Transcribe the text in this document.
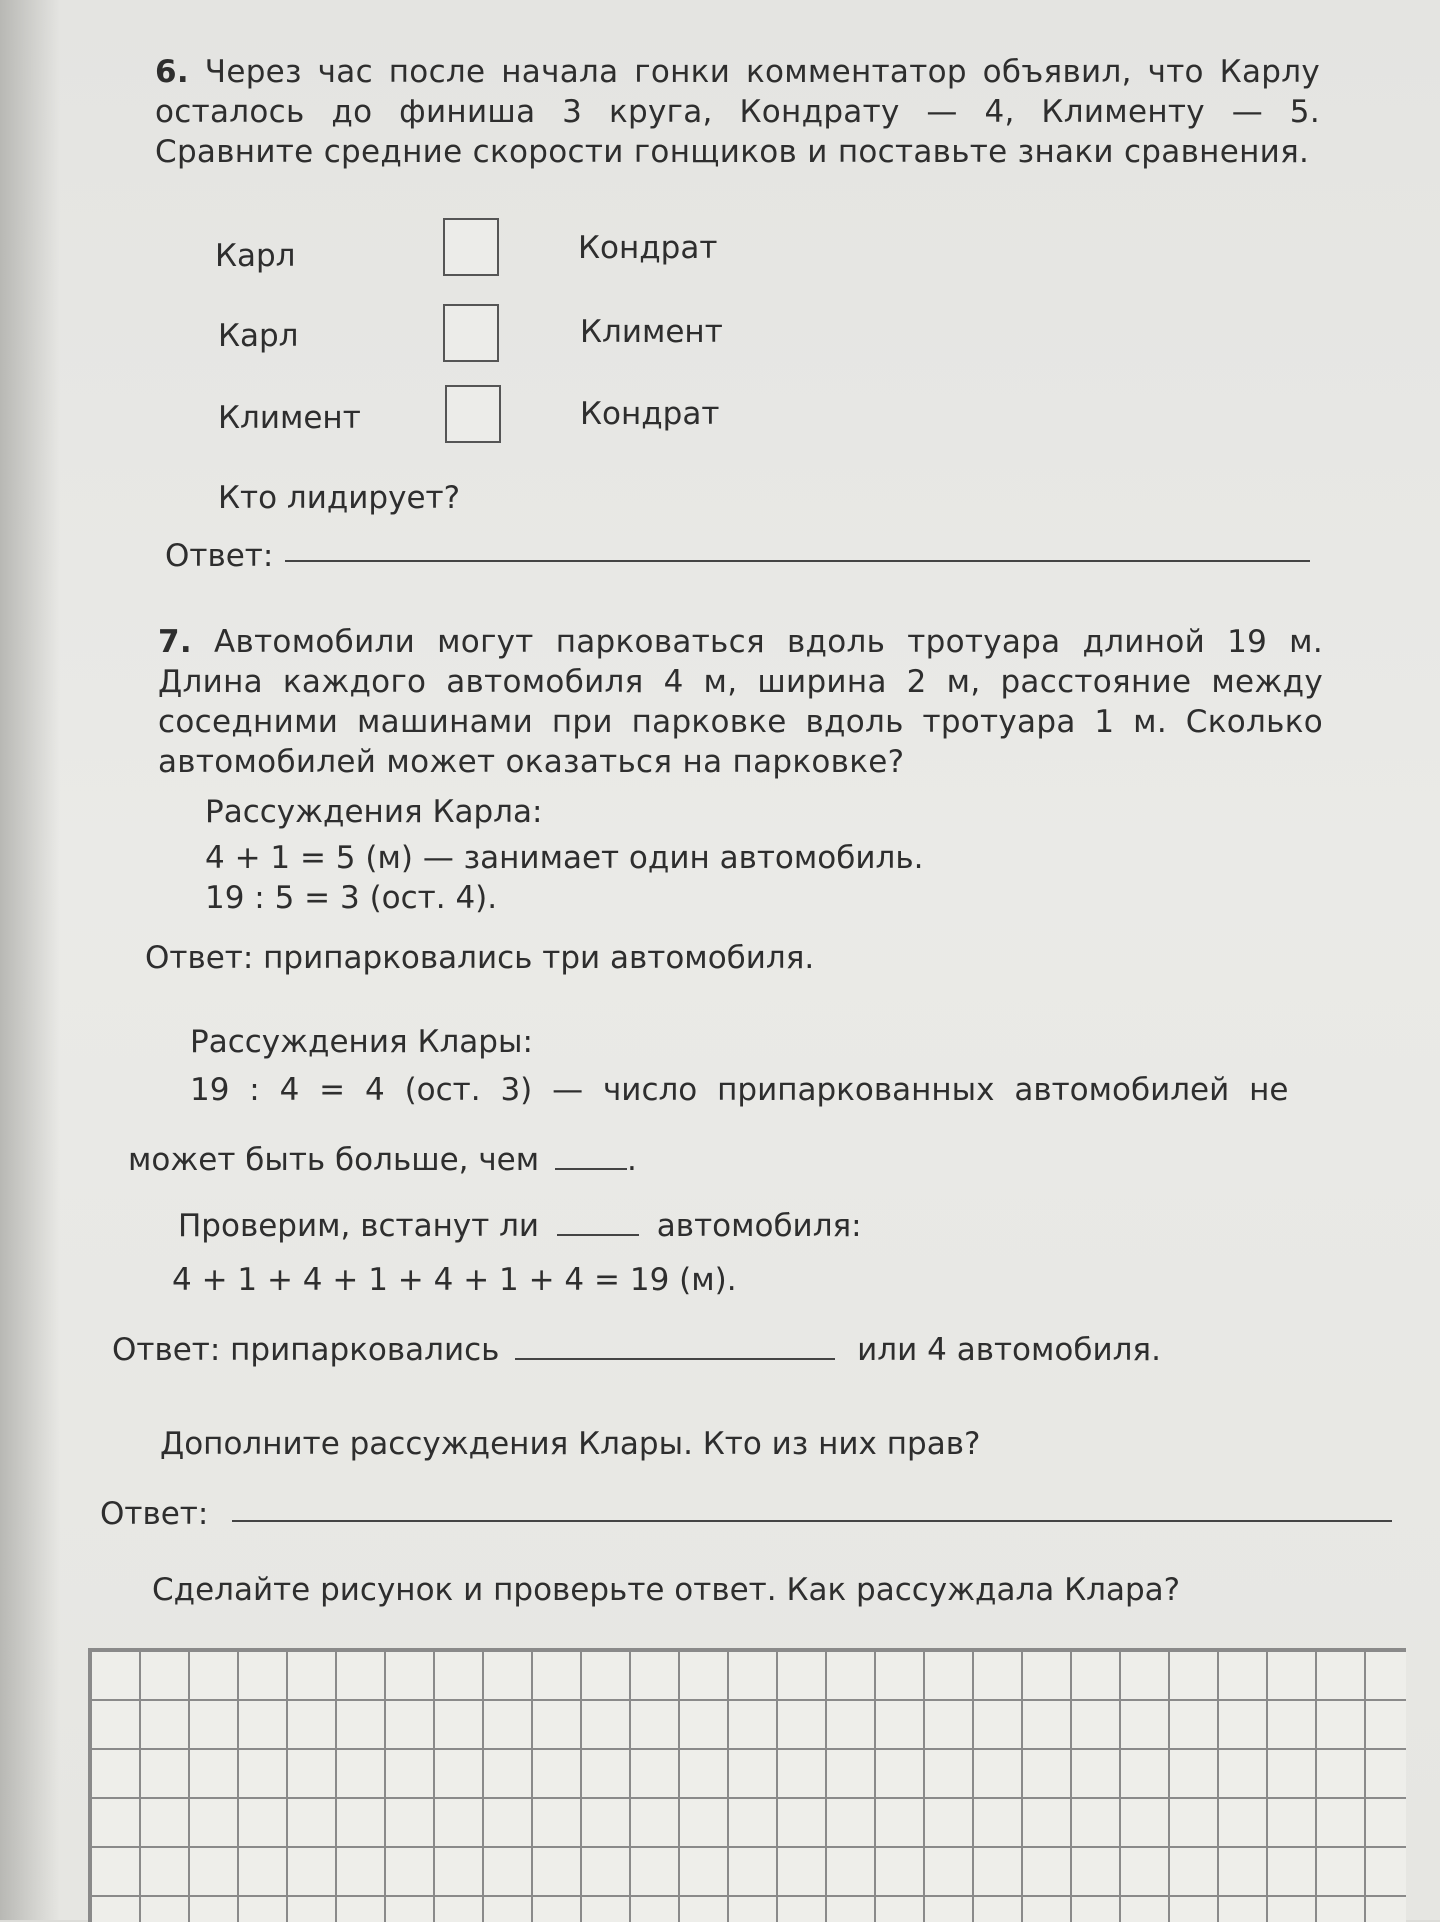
6. Через час после начала гонки комментатор объявил, что Карлу осталось до финиша 3 круга, Кондрату — 4, Клименту — 5. Сравните средние скорости гонщиков и поставьте знаки сравнения.
Карл	Кондрат
Карл	Климент
Климент	Кондрат
Кто лидирует?
Ответ:
7. Автомобили могут парковаться вдоль тротуара длиной 19 м. Длина каждого автомобиля 4 м, ширина 2 м, расстояние между соседними машинами при парковке вдоль тротуара 1 м. Сколько автомобилей может оказаться на парковке?
Рассуждения Карла:
4 + 1 = 5 (м) — занимает один автомобиль.
19 : 5 = 3 (ост. 4).
Ответ: припарковались три автомобиля.
Рассуждения Клары:
19 : 4 = 4 (ост. 3) — число припаркованных автомобилей не
может быть больше, чем	.
Проверим, встанут ли	автомобиля:
4 + 1 + 4 + 1 + 4 + 1 + 4 = 19 (м).
Ответ: припарковались	или 4 автомобиля.
Дополните рассуждения Клары. Кто из них прав?
Ответ:
Сделайте рисунок и проверьте ответ. Как рассуждала Клара?
